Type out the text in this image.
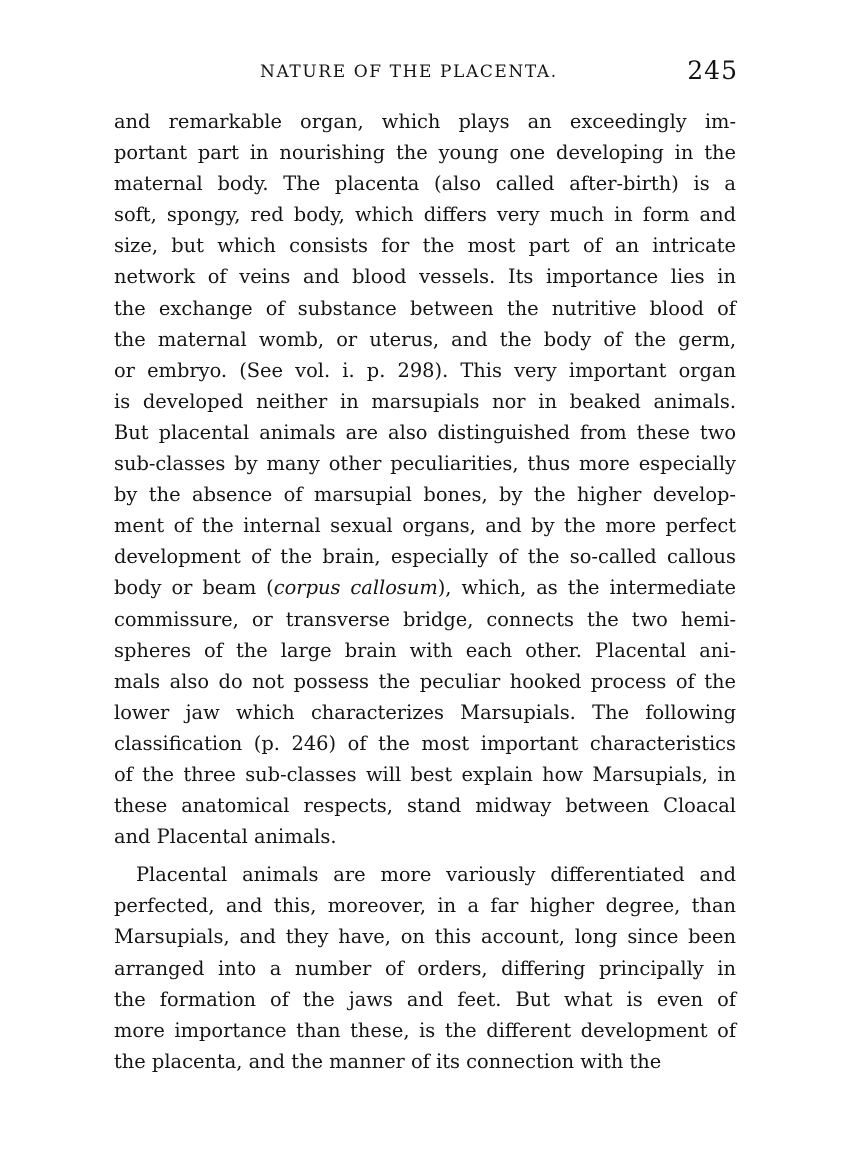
NATURE OF THE PLACENTA.	245
and remarkable organ, which plays an exceedingly im-
portant part in nourishing the young one developing in the
maternal body. The placenta (also called after-birth) is a
soft, spongy, red body, which differs very much in form and
size, but which consists for the most part of an intricate
network of veins and blood vessels. Its importance lies in
the exchange of substance between the nutritive blood of
the maternal womb, or uterus, and the body of the germ,
or embryo. (See vol. i. p. 298). This very important organ
is developed neither in marsupials nor in beaked animals.
But placental animals are also distinguished from these two
sub-classes by many other peculiarities, thus more especially
by the absence of marsupial bones, by the higher develop-
ment of the internal sexual organs, and by the more perfect
development of the brain, especially of the so-called callous
body or beam (corpus callosum), which, as the intermediate
commissure, or transverse bridge, connects the two hemi-
spheres of the large brain with each other. Placental ani-
mals also do not possess the peculiar hooked process of the
lower jaw which characterizes Marsupials. The following
classification (p. 246) of the most important characteristics
of the three sub-classes will best explain how Marsupials, in
these anatomical respects, stand midway between Cloacal
and Placental animals.
Placental animals are more variously differentiated and
perfected, and this, moreover, in a far higher degree, than
Marsupials, and they have, on this account, long since been
arranged into a number of orders, differing principally in
the formation of the jaws and feet. But what is even of
more importance than these, is the different development of
the placenta, and the manner of its connection with the
